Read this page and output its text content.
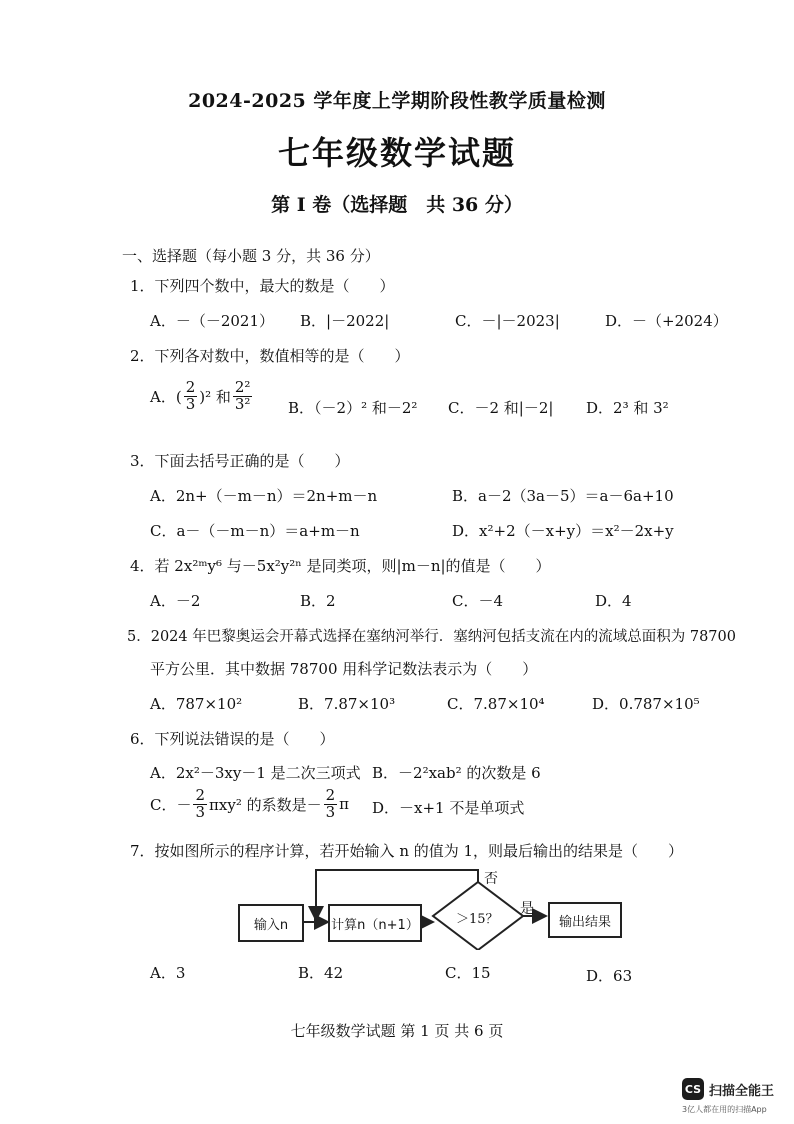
2024-2025 学年度上学期阶段性教学质量检测
七年级数学试题
第 I 卷（选择题　共 36 分）
一、选择题（每小题 3 分，共 36 分）
1．下列四个数中，最大的数是（　　）
A．－（－2021） B．|－2022|	C．－|－2023|	D．－（+2024）
2．下列各对数中，数值相等的是（　　）
A．( $\frac{2}{3} )^2$ 和 $\frac{\text{2²}}{\text{3²}}$ B．（－2）² 和－2² C．－2 和|－2| D．2³ 和 3²
3．下面去括号正确的是（　　）
A．2n+（－m－n）＝2n+m－n	B．a－2（3a－5）＝a－6a+10
C．a－（－m－n）＝a+m－n	D．x²+2（－x+y）＝x²－2x+y
4．若 2x²ᵐy⁶ 与－5x²y²ⁿ 是同类项，则|m－n|的值是（　　）
A．－2	B．2	C．－4	D．4
5．2024 年巴黎奥运会开幕式选择在塞纳河举行．塞纳河包括支流在内的流域总面积为 78700
平方公里．其中数据 78700 用科学记数法表示为（　　）
A．787×10²	B．7.87×10³	C．7.87×10⁴	D．0.787×10⁵
6．下列说法错误的是（　　）
A．2x²－3xy－1 是二次三项式 B．－2²xab² 的次数是 6
C．－ $\frac{2}{3} \pi xy^2$ 的系数是－ $\frac{2}{3}$ π D．－x+1 不是单项式
7．按如图所示的程序计算，若开始输入 n 的值为 1，则最后输出的结果是（　　）
输入n	计算n（n+1）	＞15？
否
是
输出结果
A．3	B．42	C．15	D．63
七年级数学试题 第 1 页 共 6 页
CS 扫描全能王
3亿人都在用的扫描App
